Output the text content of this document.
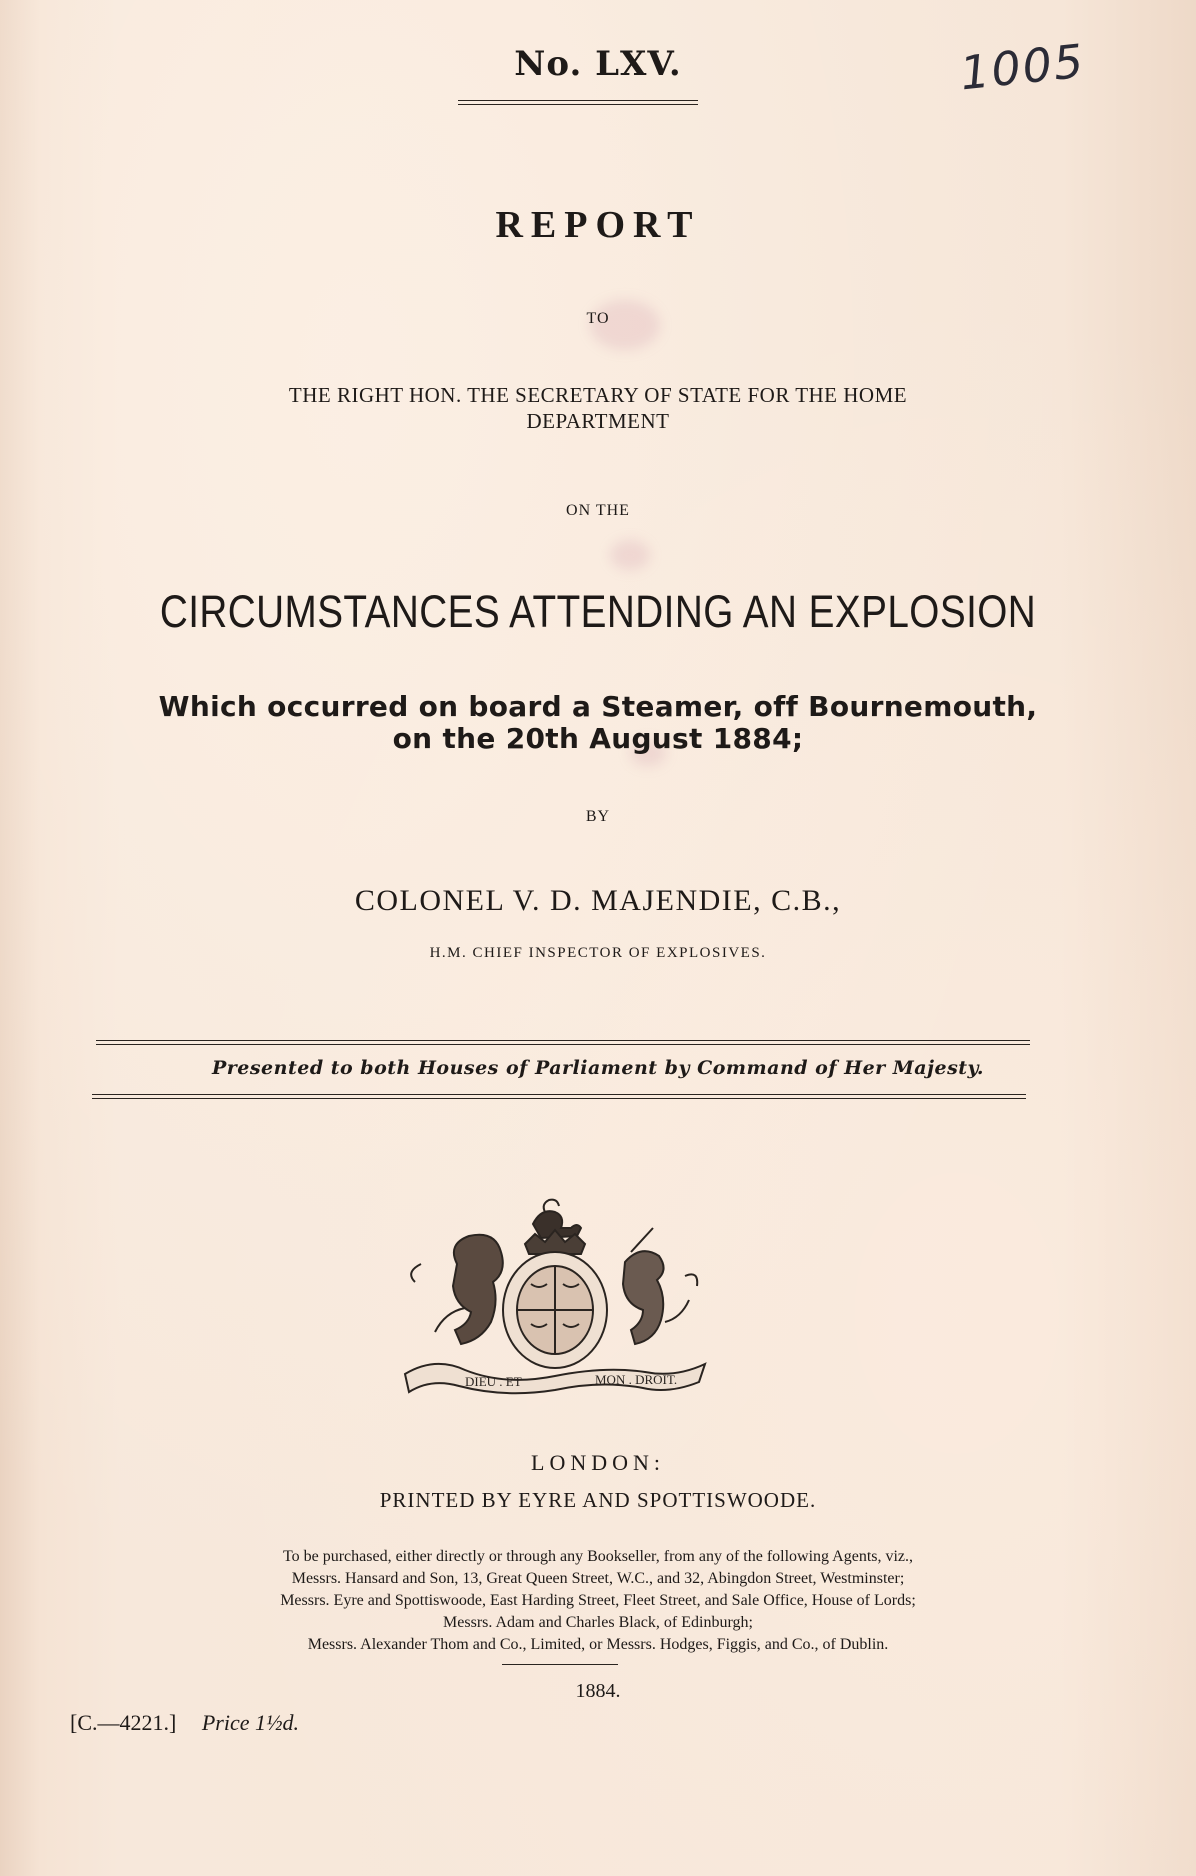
No. LXV.	1005
REPORT
TO
THE RIGHT HON. THE SECRETARY OF STATE FOR THE HOME
DEPARTMENT
ON THE
CIRCUMSTANCES ATTENDING AN EXPLOSION
Which occurred on board a Steamer, off Bournemouth,
on the 20th August 1884;
BY
COLONEL V. D. MAJENDIE, C.B.,
H.M. CHIEF INSPECTOR OF EXPLOSIVES.
Presented to both Houses of Parliament by Command of Her Majesty.
DIEU . ET	MON . DROIT.
LONDON:
PRINTED BY EYRE AND SPOTTISWOODE.
To be purchased, either directly or through any Bookseller, from any of the following Agents, viz.,
Messrs. Hansard and Son, 13, Great Queen Street, W.C., and 32, Abingdon Street, Westminster;
Messrs. Eyre and Spottiswoode, East Harding Street, Fleet Street, and Sale Office, House of Lords;
Messrs. Adam and Charles Black, of Edinburgh;
Messrs. Alexander Thom and Co., Limited, or Messrs. Hodges, Figgis, and Co., of Dublin.
1884.
[C.—4221.] Price 1½d.
